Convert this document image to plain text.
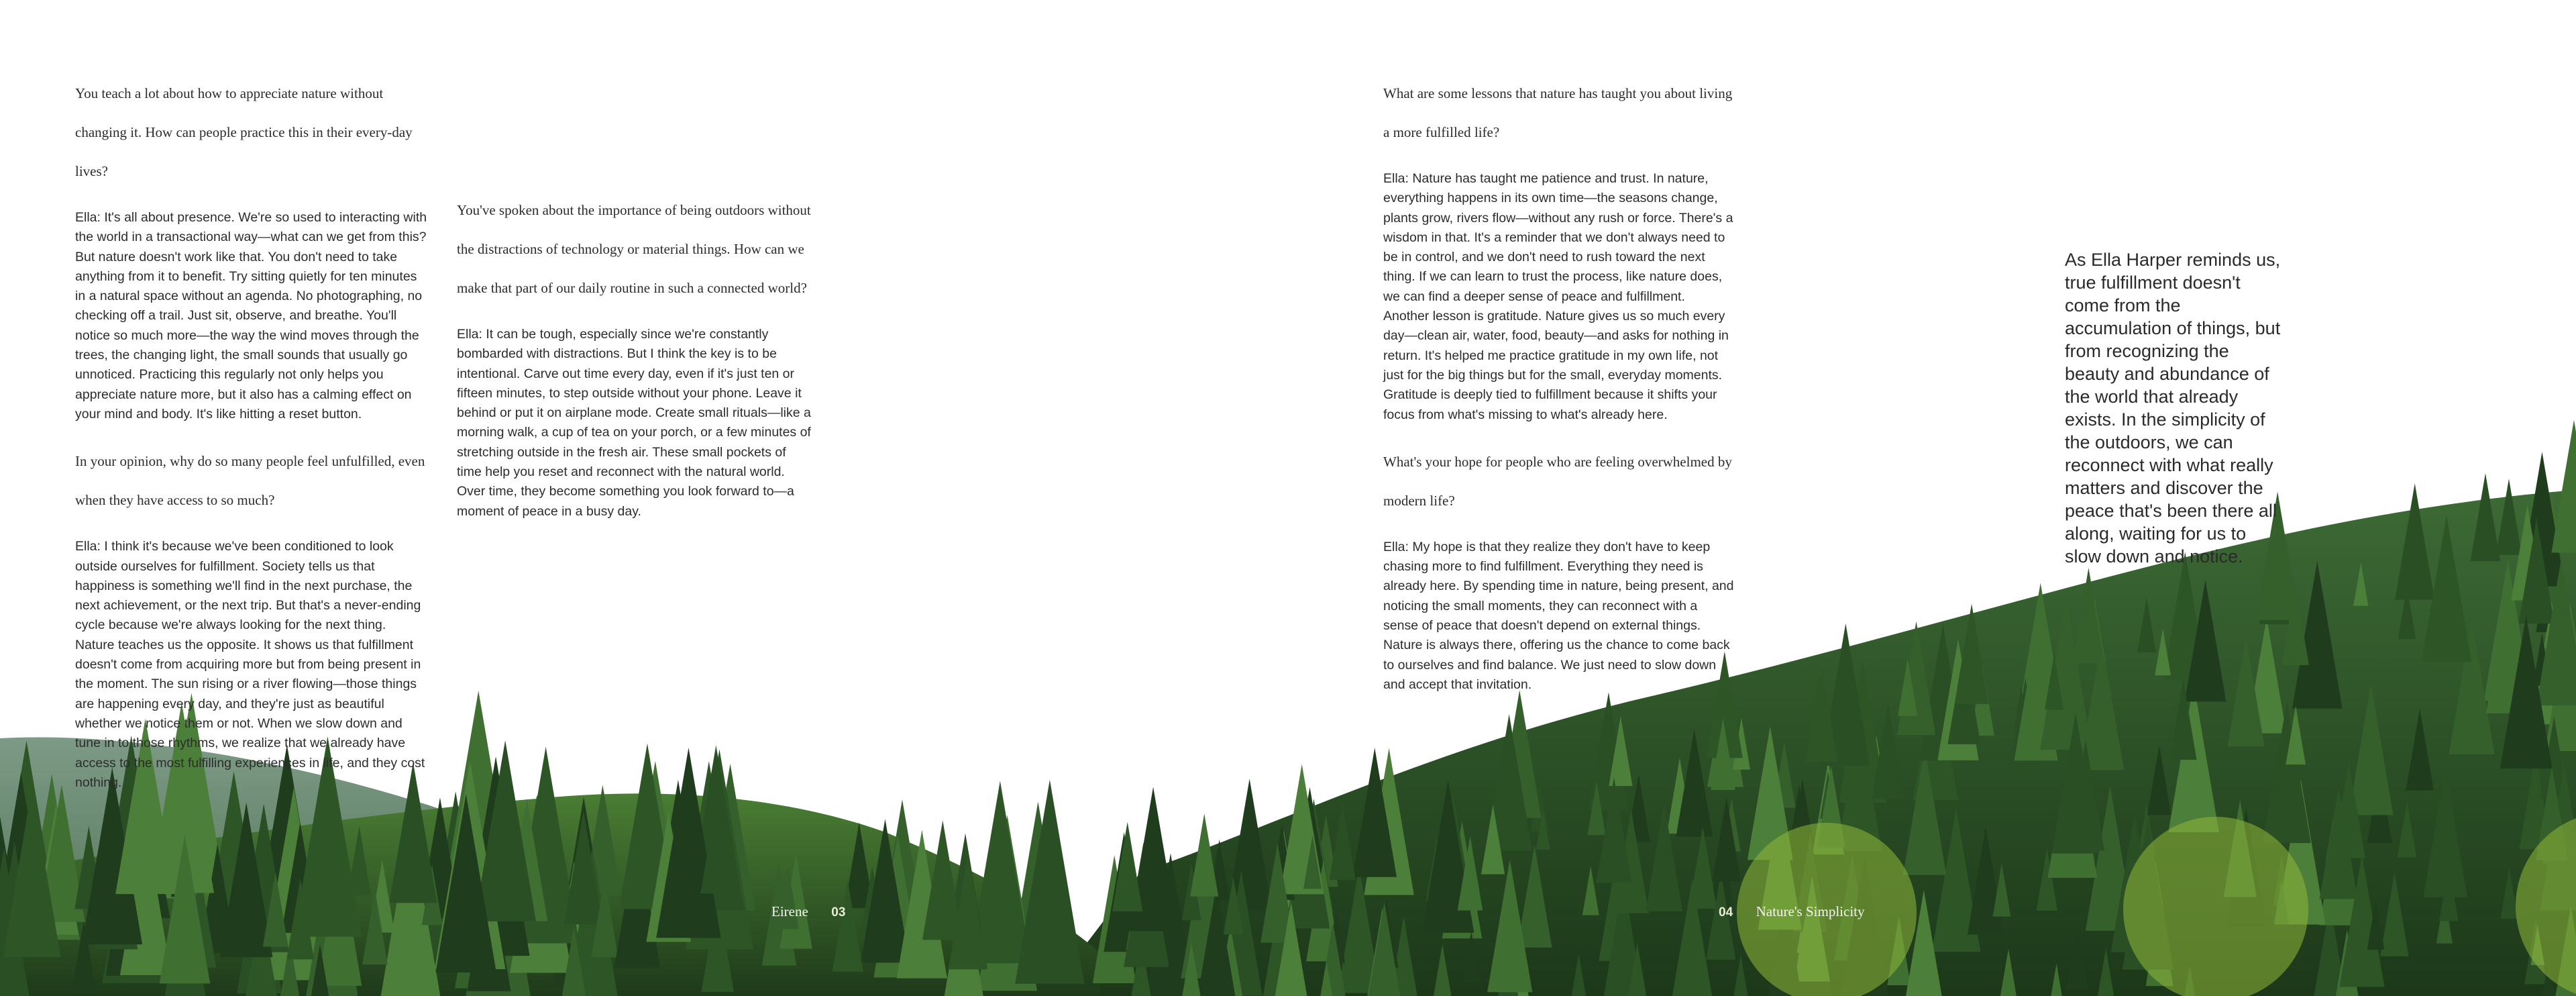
You teach a lot about how to appreciate nature without changing it. How can people practice this in their every-day lives?

Ella: It's all about presence. We're so used to interacting with the world in a transactional way—what can we get from this? But nature doesn't work like that. You don't need to take anything from it to benefit. Try sitting quietly for ten minutes in a natural space without an agenda. No photographing, no checking off a trail. Just sit, observe, and breathe. You'll notice so much more—the way the wind moves through the trees, the changing light, the small sounds that usually go unnoticed. Practicing this regularly not only helps you appreciate nature more, but it also has a calming effect on your mind and body. It's like hitting a reset button.

In your opinion, why do so many people feel unfulfilled, even when they have access to so much?

Ella: I think it's because we've been conditioned to look outside ourselves for fulfillment. Society tells us that happiness is something we'll find in the next purchase, the next achievement, or the next trip. But that's a never-ending cycle because we're always looking for the next thing. Nature teaches us the opposite. It shows us that fulfillment doesn't come from acquiring more but from being present in the moment. The sun rising or a river flowing—those things are happening every day, and they're just as beautiful whether we notice them or not. When we slow down and tune in to those rhythms, we realize that we already have access to the most fulfilling experiences in life, and they cost nothing.

You've spoken about the importance of being outdoors without the distractions of technology or material things. How can we make that part of our daily routine in such a connected world?

Ella: It can be tough, especially since we're constantly bombarded with distractions. But I think the key is to be intentional. Carve out time every day, even if it's just ten or fifteen minutes, to step outside without your phone. Leave it behind or put it on airplane mode. Create small rituals—like a morning walk, a cup of tea on your porch, or a few minutes of stretching outside in the fresh air. These small pockets of time help you reset and reconnect with the natural world. Over time, they become something you look forward to—a moment of peace in a busy day.

What are some lessons that nature has taught you about living a more fulfilled life?

Ella: Nature has taught me patience and trust. In nature, everything happens in its own time—the seasons change, plants grow, rivers flow—without any rush or force. There's a wisdom in that. It's a reminder that we don't always need to be in control, and we don't need to rush toward the next thing. If we can learn to trust the process, like nature does, we can find a deeper sense of peace and fulfillment.

Another lesson is gratitude. Nature gives us so much every day—clean air, water, food, beauty—and asks for nothing in return. It's helped me practice gratitude in my own life, not just for the big things but for the small, everyday moments. Gratitude is deeply tied to fulfillment because it shifts your focus from what's missing to what's already here.

What's your hope for people who are feeling overwhelmed by modern life?

Ella: My hope is that they realize they don't have to keep chasing more to find fulfillment. Everything they need is already here. By spending time in nature, being present, and noticing the small moments, they can reconnect with a sense of peace that doesn't depend on external things. Nature is always there, offering us the chance to come back to ourselves and find balance. We just need to slow down and accept that invitation.

As Ella Harper reminds us, true fulfillment doesn't come from the accumulation of things, but from recognizing the beauty and abundance of the world that already exists. In the simplicity of the outdoors, we can reconnect with what really matters and discover the peace that's been there all along, waiting for us to slow down and notice.
Eirene 03	04 Nature's Simplicity
